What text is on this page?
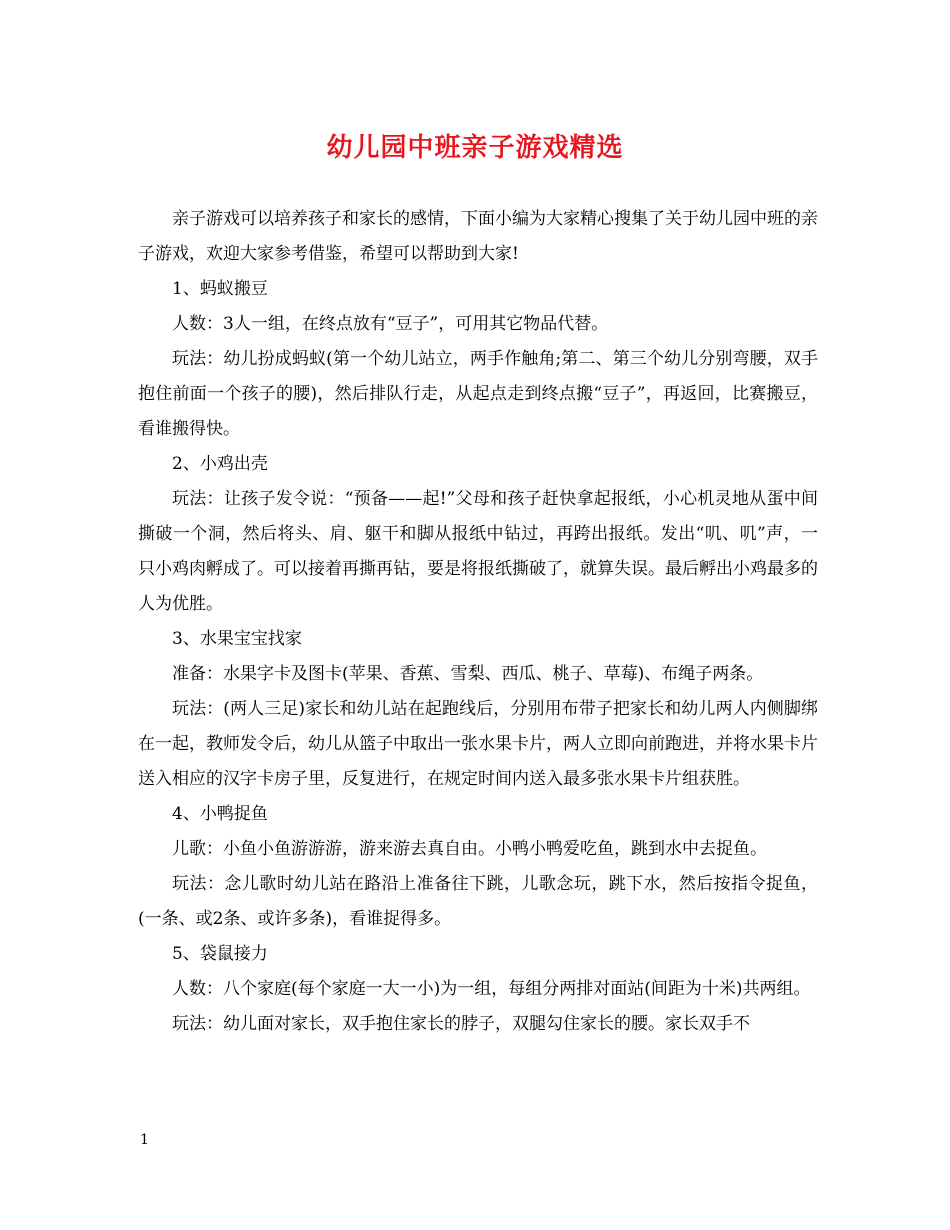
幼儿园中班亲子游戏精选

亲子游戏可以培养孩子和家长的感情，下面小编为大家精心搜集了关于幼儿园中班的亲子游戏，欢迎大家参考借鉴，希望可以帮助到大家!

1、蚂蚁搬豆

人数：3人一组，在终点放有“豆子”，可用其它物品代替。

玩法：幼儿扮成蚂蚁(第一个幼儿站立，两手作触角;第二、第三个幼儿分别弯腰，双手抱住前面一个孩子的腰)，然后排队行走，从起点走到终点搬“豆子”，再返回，比赛搬豆，看谁搬得快。

2、小鸡出壳

玩法：让孩子发令说：“预备——起!”父母和孩子赶快拿起报纸，小心机灵地从蛋中间撕破一个洞，然后将头、肩、躯干和脚从报纸中钻过，再跨出报纸。发出“叽、叽”声，一只小鸡肉孵成了。可以接着再撕再钻，要是将报纸撕破了，就算失误。最后孵出小鸡最多的人为优胜。

3、水果宝宝找家

准备：水果字卡及图卡(苹果、香蕉、雪梨、西瓜、桃子、草莓)、布绳子两条。

玩法：(两人三足)家长和幼儿站在起跑线后，分别用布带子把家长和幼儿两人内侧脚绑在一起，教师发令后，幼儿从篮子中取出一张水果卡片，两人立即向前跑进，并将水果卡片送入相应的汉字卡房子里，反复进行，在规定时间内送入最多张水果卡片组获胜。

4、小鸭捉鱼

儿歌：小鱼小鱼游游游，游来游去真自由。小鸭小鸭爱吃鱼，跳到水中去捉鱼。

玩法：念儿歌时幼儿站在路沿上准备往下跳，儿歌念玩，跳下水，然后按指令捉鱼，(一条、或2条、或许多条)，看谁捉得多。

5、袋鼠接力

人数：八个家庭(每个家庭一大一小)为一组，每组分两排对面站(间距为十米)共两组。

玩法：幼儿面对家长，双手抱住家长的脖子，双腿勾住家长的腰。家长双手不

1
